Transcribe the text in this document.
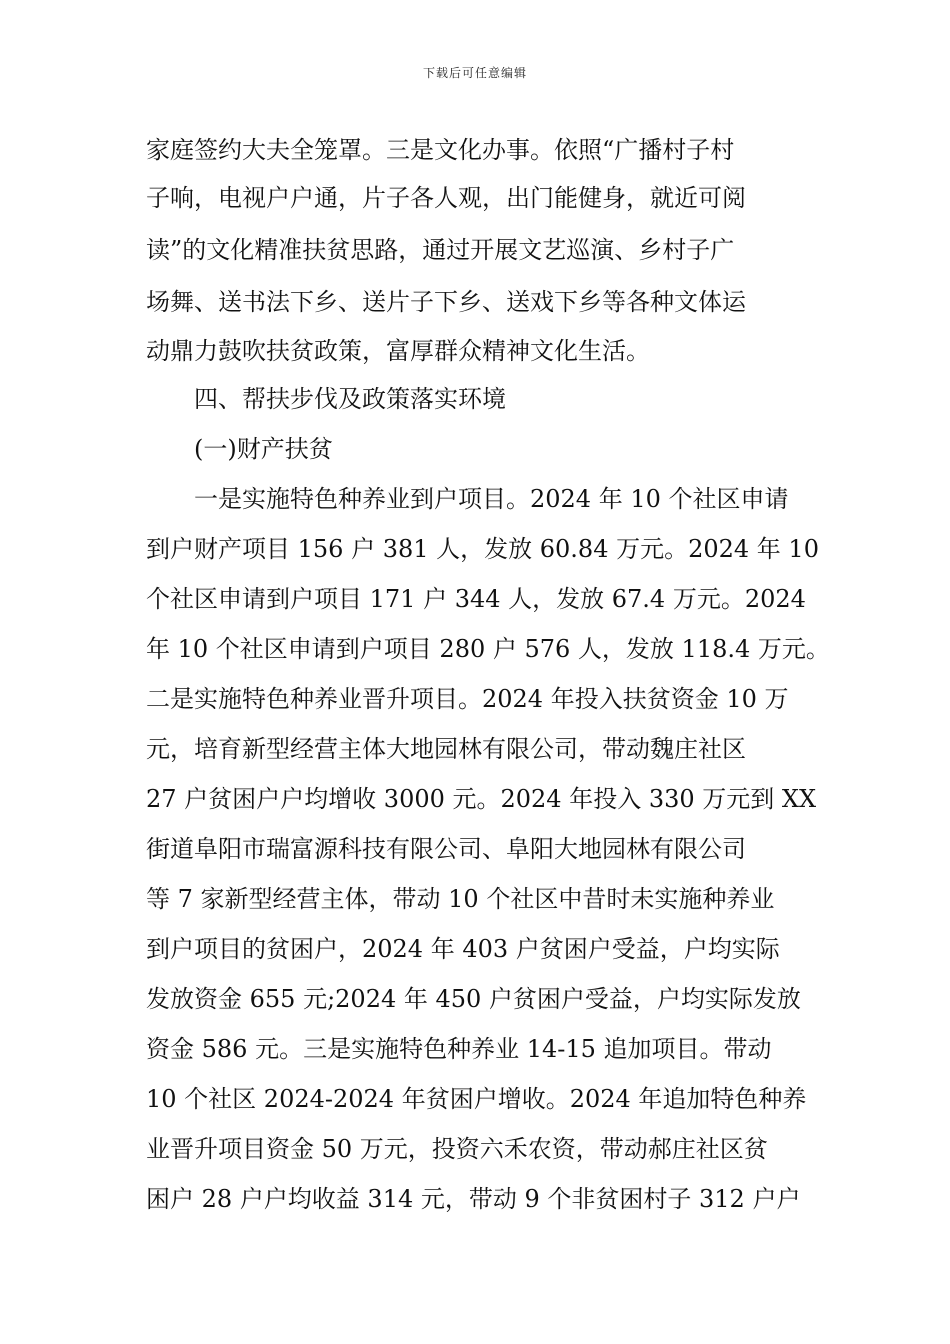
下载后可任意编辑
家庭签约大夫全笼罩。三是文化办事。依照“广播村子村
子响，电视户户通，片子各人观，出门能健身，就近可阅
读”的文化精准扶贫思路，通过开展文艺巡演、乡村子广
场舞、送书法下乡、送片子下乡、送戏下乡等各种文体运
动鼎力鼓吹扶贫政策，富厚群众精神文化生活。
　　四、帮扶步伐及政策落实环境
　　(一)财产扶贫
　　一是实施特色种养业到户项目。2024 年 10 个社区申请
到户财产项目 156 户 381 人，发放 60.84 万元。2024 年 10
个社区申请到户项目 171 户 344 人，发放 67.4 万元。2024
年 10 个社区申请到户项目 280 户 576 人，发放 118.4 万元。
二是实施特色种养业晋升项目。2024 年投入扶贫资金 10 万
元，培育新型经营主体大地园林有限公司，带动魏庄社区
27 户贫困户户均增收 3000 元。2024 年投入 330 万元到 XX
街道阜阳市瑞富源科技有限公司、阜阳大地园林有限公司
等 7 家新型经营主体，带动 10 个社区中昔时未实施种养业
到户项目的贫困户，2024 年 403 户贫困户受益，户均实际
发放资金 655 元;2024 年 450 户贫困户受益，户均实际发放
资金 586 元。三是实施特色种养业 14-15 追加项目。带动
10 个社区 2024-2024 年贫困户增收。2024 年追加特色种养
业晋升项目资金 50 万元，投资六禾农资，带动郝庄社区贫
困户 28 户户均收益 314 元，带动 9 个非贫困村子 312 户户
